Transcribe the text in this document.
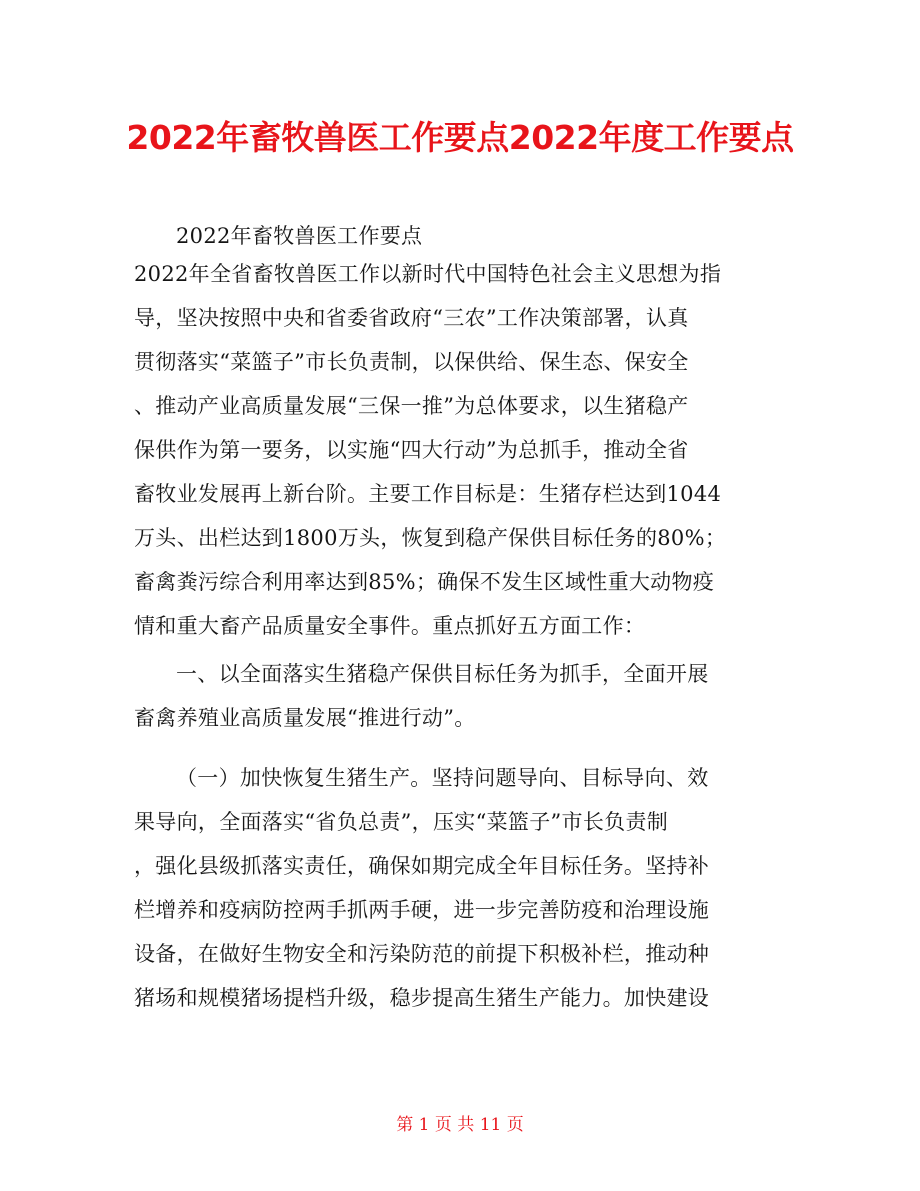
2022年畜牧兽医工作要点2022年度工作要点
2022年畜牧兽医工作要点
2022年全省畜牧兽医工作以新时代中国特色社会主义思想为指
导，坚决按照中央和省委省政府“三农”工作决策部署，认真
贯彻落实“菜篮子”市长负责制，以保供给、保生态、保安全
、推动产业高质量发展“三保一推”为总体要求，以生猪稳产
保供作为第一要务，以实施“四大行动”为总抓手，推动全省
畜牧业发展再上新台阶。主要工作目标是：生猪存栏达到1044
万头、出栏达到1800万头，恢复到稳产保供目标任务的80%；
畜禽粪污综合利用率达到85%；确保不发生区域性重大动物疫
情和重大畜产品质量安全事件。重点抓好五方面工作：
一、以全面落实生猪稳产保供目标任务为抓手，全面开展
畜禽养殖业高质量发展“推进行动”。
（一）加快恢复生猪生产。坚持问题导向、目标导向、效
果导向，全面落实“省负总责”，压实“菜篮子”市长负责制
，强化县级抓落实责任，确保如期完成全年目标任务。坚持补
栏增养和疫病防控两手抓两手硬，进一步完善防疫和治理设施
设备，在做好生物安全和污染防范的前提下积极补栏，推动种
猪场和规模猪场提档升级，稳步提高生猪生产能力。加快建设
第 1 页 共 11 页
